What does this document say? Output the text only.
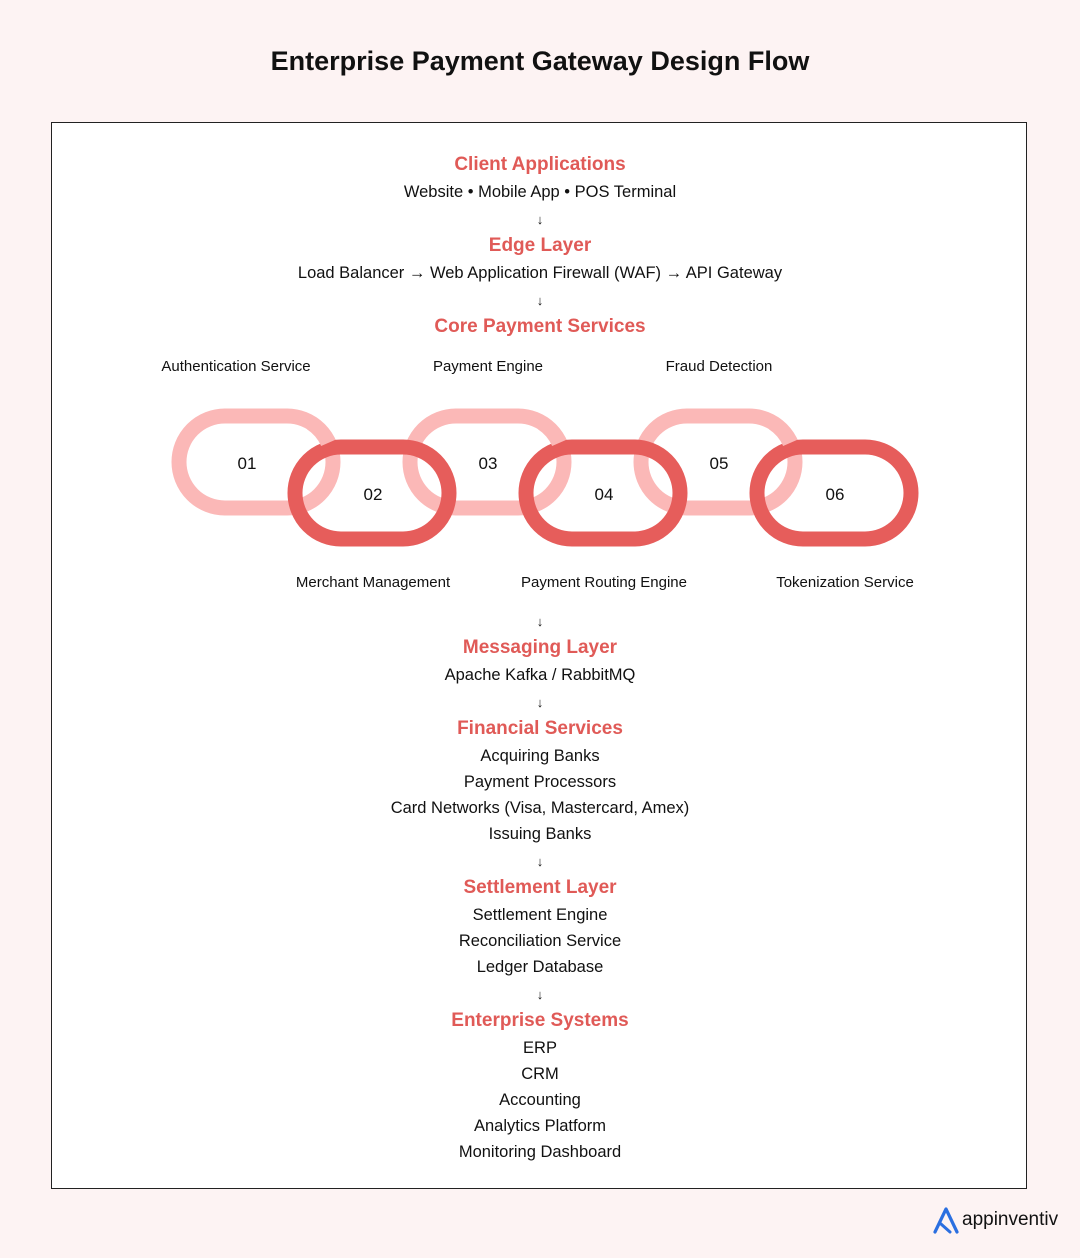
Enterprise Payment Gateway Design Flow
Client Applications
Website • Mobile App • POS Terminal
↓
Edge Layer
Load Balancer → Web Application Firewall (WAF) → API Gateway
↓
Core Payment Services
Authentication Service	Payment Engine	Fraud Detection
01
02
03
04
05
06
Merchant Management	Payment Routing Engine	Tokenization Service
↓
Messaging Layer
Apache Kafka / RabbitMQ
↓
Financial Services
Acquiring Banks
Payment Processors
Card Networks (Visa, Mastercard, Amex)
Issuing Banks
↓
Settlement Layer
Settlement Engine
Reconciliation Service
Ledger Database
↓
Enterprise Systems
ERP
CRM
Accounting
Analytics Platform
Monitoring Dashboard
appinventiv
